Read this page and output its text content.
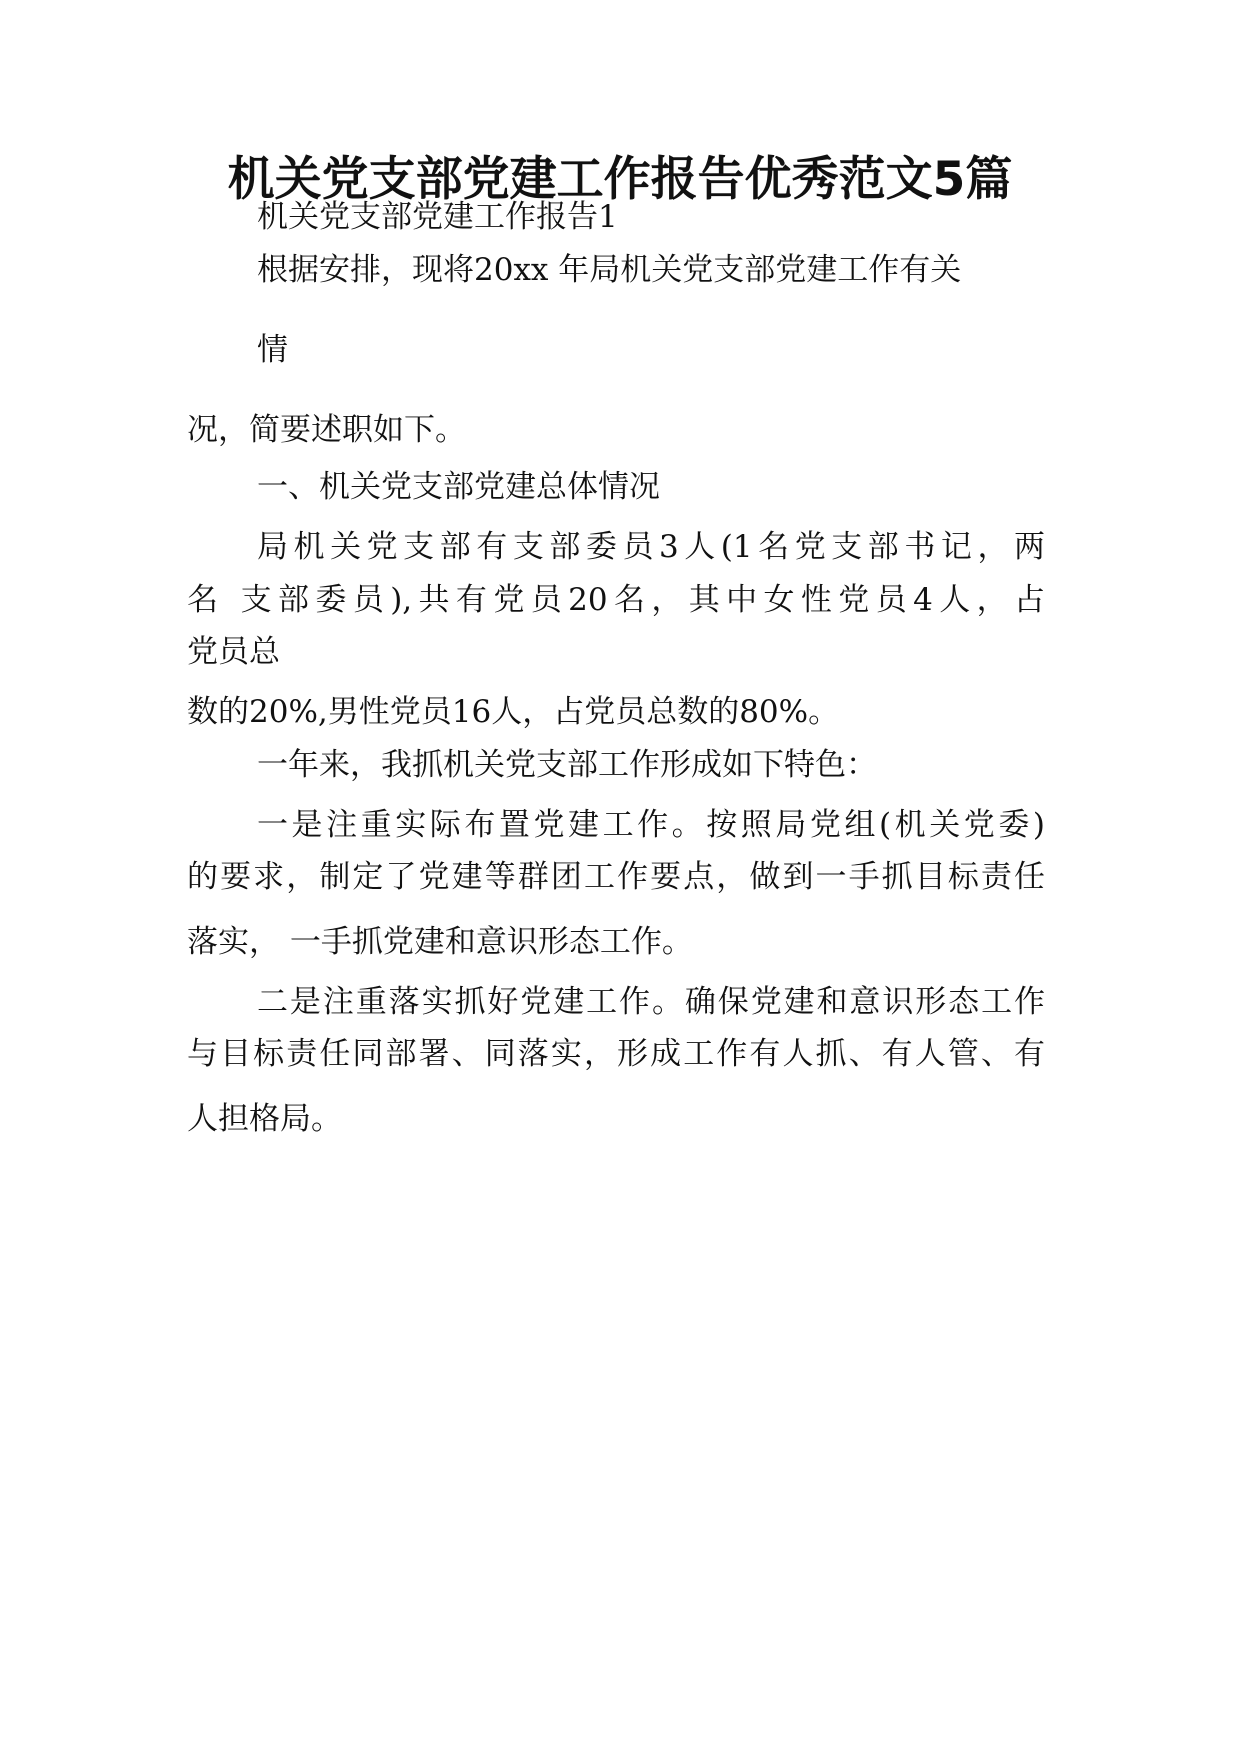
机关党支部党建工作报告优秀范文5篇
机关党支部党建工作报告1
根据安排，现将20xx 年局机关党支部党建工作有关
情
况，简要述职如下。
一、机关党支部党建总体情况
局机关党支部有支部委员3人(1名党支部书记，两
名 支部委员),共有党员20名，其中女性党员4人，占
党员总
数的20%,男性党员16人，占党员总数的80%。
一年来，我抓机关党支部工作形成如下特色：
一是注重实际布置党建工作。按照局党组(机关党委)
的要求，制定了党建等群团工作要点，做到一手抓目标责任
落实， 一手抓党建和意识形态工作。
二是注重落实抓好党建工作。确保党建和意识形态工作
与目标责任同部署、同落实，形成工作有人抓、有人管、有
人担格局。
